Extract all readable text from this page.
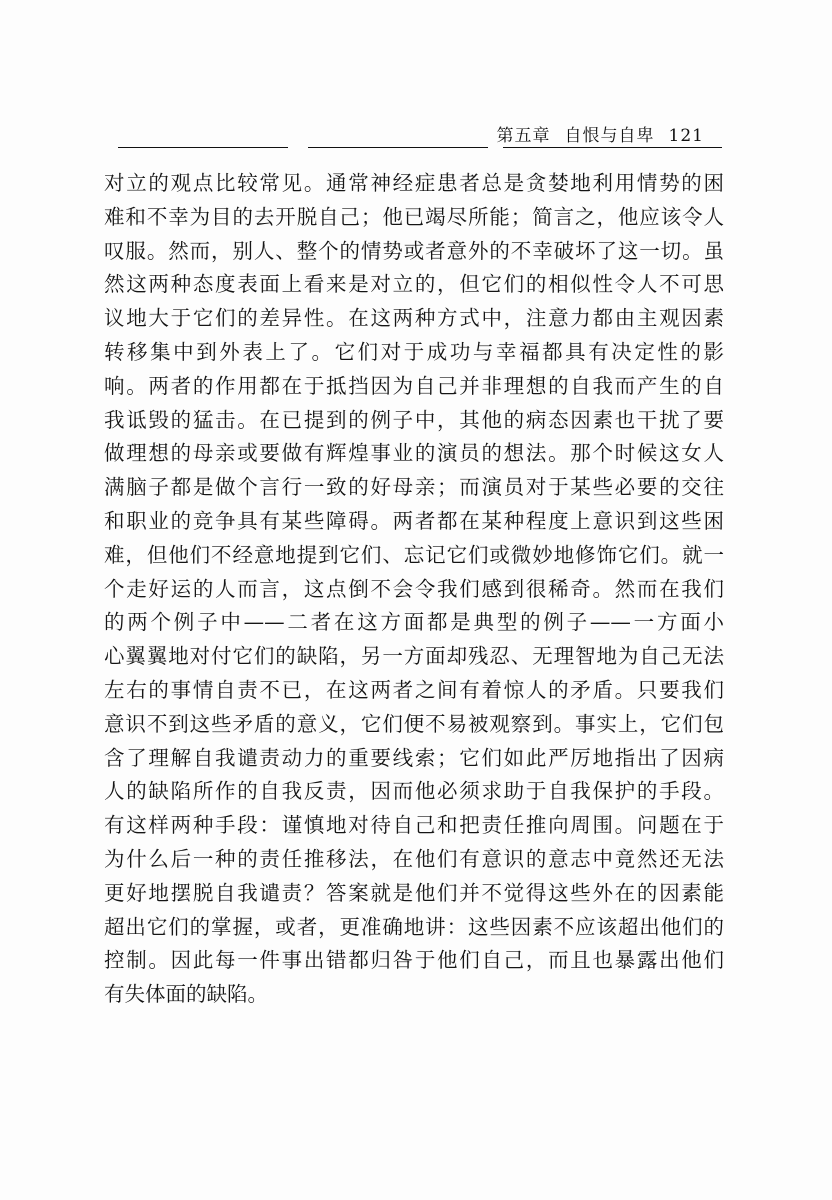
第五章 自恨与自卑 121
对立的观点比较常见。通常神经症患者总是贪婪地利用情势的困
难和不幸为目的去开脱自己；他已竭尽所能；简言之，他应该令人
叹服。然而，别人、整个的情势或者意外的不幸破坏了这一切。虽
然这两种态度表面上看来是对立的，但它们的相似性令人不可思
议地大于它们的差异性。在这两种方式中，注意力都由主观因素
转移集中到外表上了。它们对于成功与幸福都具有决定性的影
响。两者的作用都在于抵挡因为自己并非理想的自我而产生的自
我诋毁的猛击。在已提到的例子中，其他的病态因素也干扰了要
做理想的母亲或要做有辉煌事业的演员的想法。那个时候这女人
满脑子都是做个言行一致的好母亲；而演员对于某些必要的交往
和职业的竞争具有某些障碍。两者都在某种程度上意识到这些困
难，但他们不经意地提到它们、忘记它们或微妙地修饰它们。就一
个走好运的人而言，这点倒不会令我们感到很稀奇。然而在我们
的两个例子中——二者在这方面都是典型的例子——一方面小
心翼翼地对付它们的缺陷，另一方面却残忍、无理智地为自己无法
左右的事情自责不已，在这两者之间有着惊人的矛盾。只要我们
意识不到这些矛盾的意义，它们便不易被观察到。事实上，它们包
含了理解自我谴责动力的重要线索；它们如此严厉地指出了因病
人的缺陷所作的自我反责，因而他必须求助于自我保护的手段。
有这样两种手段：谨慎地对待自己和把责任推向周围。问题在于
为什么后一种的责任推移法，在他们有意识的意志中竟然还无法
更好地摆脱自我谴责？答案就是他们并不觉得这些外在的因素能
超出它们的掌握，或者，更准确地讲：这些因素不应该超出他们的
控制。因此每一件事出错都归咎于他们自己，而且也暴露出他们
有失体面的缺陷。
